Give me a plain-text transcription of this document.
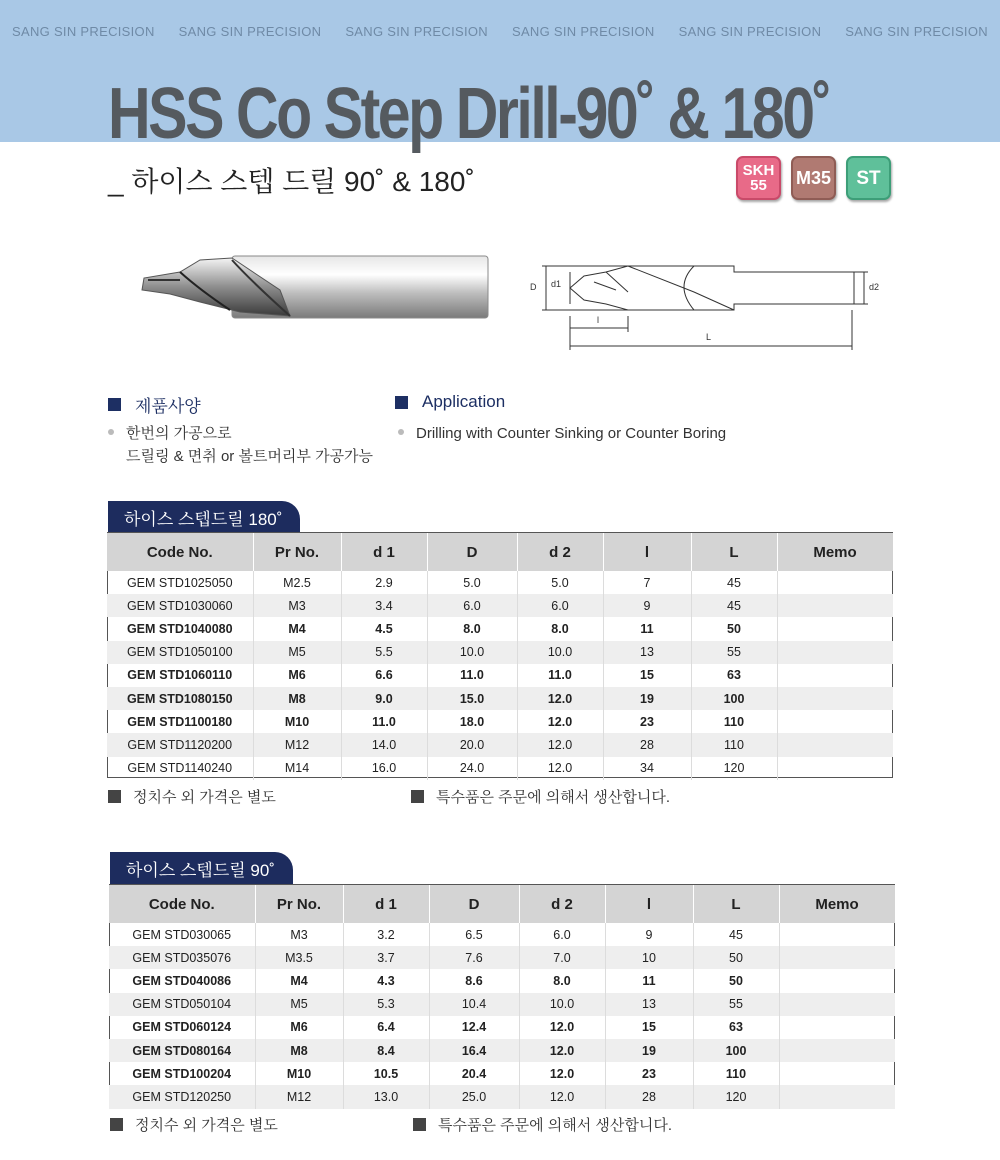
SANG SIN PRECISION SANG SIN PRECISION SANG SIN PRECISION SANG SIN PRECISION SANG SIN PRECISION SANG SIN PRECISION
HSS Co Step Drill-90˚ & 180˚
_ 하이스 스텝 드릴 90˚ & 180˚	SKH
55	M35 ST
D d1	d2
l
L
제품사양
한번의 가공으로
드릴링 & 면취 or 볼트머리부 가공가능
Application
Drilling with Counter Sinking or Counter Boring
하이스 스텝드릴 180˚
Code No.	Pr No.	d 1	D	d 2	l	L	Memo
GEM STD1025050	M2.5	2.9	5.0	5.0	7	45	
GEM STD1030060	M3	3.4	6.0	6.0	9	45	
GEM STD1040080	M4	4.5	8.0	8.0	11	50	
GEM STD1050100	M5	5.5	10.0	10.0	13	55	
GEM STD1060110	M6	6.6	11.0	11.0	15	63	
GEM STD1080150	M8	9.0	15.0	12.0	19	100	
GEM STD1100180	M10	11.0	18.0	12.0	23	110	
GEM STD1120200	M12	14.0	20.0	12.0	28	110	
GEM STD1140240	M14	16.0	24.0	12.0	34	120	
정치수 외 가격은 별도	특수품은 주문에 의해서 생산합니다.
하이스 스텝드릴 90˚
Code No.	Pr No.	d 1	D	d 2	l	L	Memo
GEM STD030065	M3	3.2	6.5	6.0	9	45	
GEM STD035076	M3.5	3.7	7.6	7.0	10	50	
GEM STD040086	M4	4.3	8.6	8.0	11	50	
GEM STD050104	M5	5.3	10.4	10.0	13	55	
GEM STD060124	M6	6.4	12.4	12.0	15	63	
GEM STD080164	M8	8.4	16.4	12.0	19	100	
GEM STD100204	M10	10.5	20.4	12.0	23	110	
GEM STD120250	M12	13.0	25.0	12.0	28	120	
정치수 외 가격은 별도	특수품은 주문에 의해서 생산합니다.
